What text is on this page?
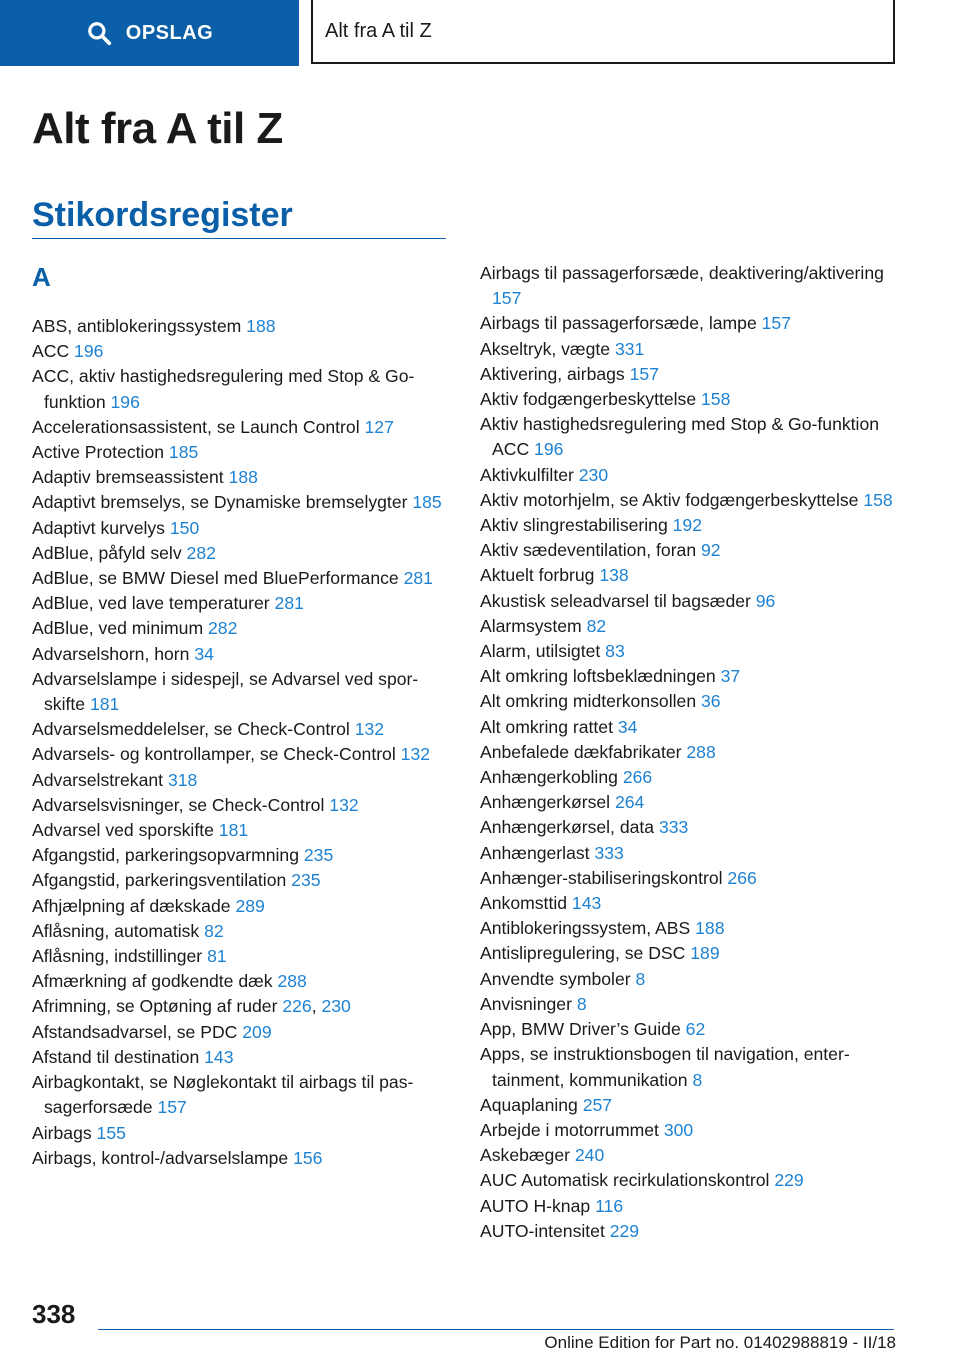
OPSLAG	Alt fra A til Z
Alt fra A til Z
Stikordsregister
A
ABS, antiblokeringssystem 188
ACC 196
ACC, aktiv hastighedsregulering med Stop & Go-funktion 196
Accelerationsassistent, se Launch Control 127
Active Protection 185
Adaptiv bremseassistent 188
Adaptivt bremselys, se Dynamiske bremselygter 185
Adaptivt kurvelys 150
AdBlue, påfyld selv 282
AdBlue, se BMW Diesel med BluePerformance 281
AdBlue, ved lave temperaturer 281
AdBlue, ved minimum 282
Advarselshorn, horn 34
Advarselslampe i sidespejl, se Advarsel ved sporskifte 181
Advarselsmeddelelser, se Check-Control 132
Advarsels- og kontrollamper, se Check-Control 132
Advarselstrekant 318
Advarselsvisninger, se Check-Control 132
Advarsel ved sporskifte 181
Afgangstid, parkeringsopvarmning 235
Afgangstid, parkeringsventilation 235
Afhjælpning af dækskade 289
Aflåsning, automatisk 82
Aflåsning, indstillinger 81
Afmærkning af godkendte dæk 288
Afrimning, se Optøning af ruder 226, 230
Afstandsadvarsel, se PDC 209
Afstand til destination 143
Airbagkontakt, se Nøglekontakt til airbags til passagerforsæde 157
Airbags 155
Airbags, kontrol-/advarselslampe 156
Airbags til passagerforsæde, deaktivering/aktivering 157
Airbags til passagerforsæde, lampe 157
Akseltryk, vægte 331
Aktivering, airbags 157
Aktiv fodgængerbeskyttelse 158
Aktiv hastighedsregulering med Stop & Go-funktion ACC 196
Aktivkulfilter 230
Aktiv motorhjelm, se Aktiv fodgængerbeskyttelse 158
Aktiv slingrestabilisering 192
Aktiv sædeventilation, foran 92
Aktuelt forbrug 138
Akustisk seleadvarsel til bagsæder 96
Alarmsystem 82
Alarm, utilsigtet 83
Alt omkring loftsbeklædningen 37
Alt omkring midterkonsollen 36
Alt omkring rattet 34
Anbefalede dækfabrikater 288
Anhængerkobling 266
Anhængerkørsel 264
Anhængerkørsel, data 333
Anhængerlast 333
Anhænger-stabiliseringskontrol 266
Ankomsttid 143
Antiblokeringssystem, ABS 188
Antislipregulering, se DSC 189
Anvendte symboler 8
Anvisninger 8
App, BMW Driver’s Guide 62
Apps, se instruktionsbogen til navigation, entertainment, kommunikation 8
Aquaplaning 257
Arbejde i motorrummet 300
Askebæger 240
AUC Automatisk recirkulationskontrol 229
AUTO H-knap 116
AUTO-intensitet 229
338
Online Edition for Part no. 01402988819 - II/18
